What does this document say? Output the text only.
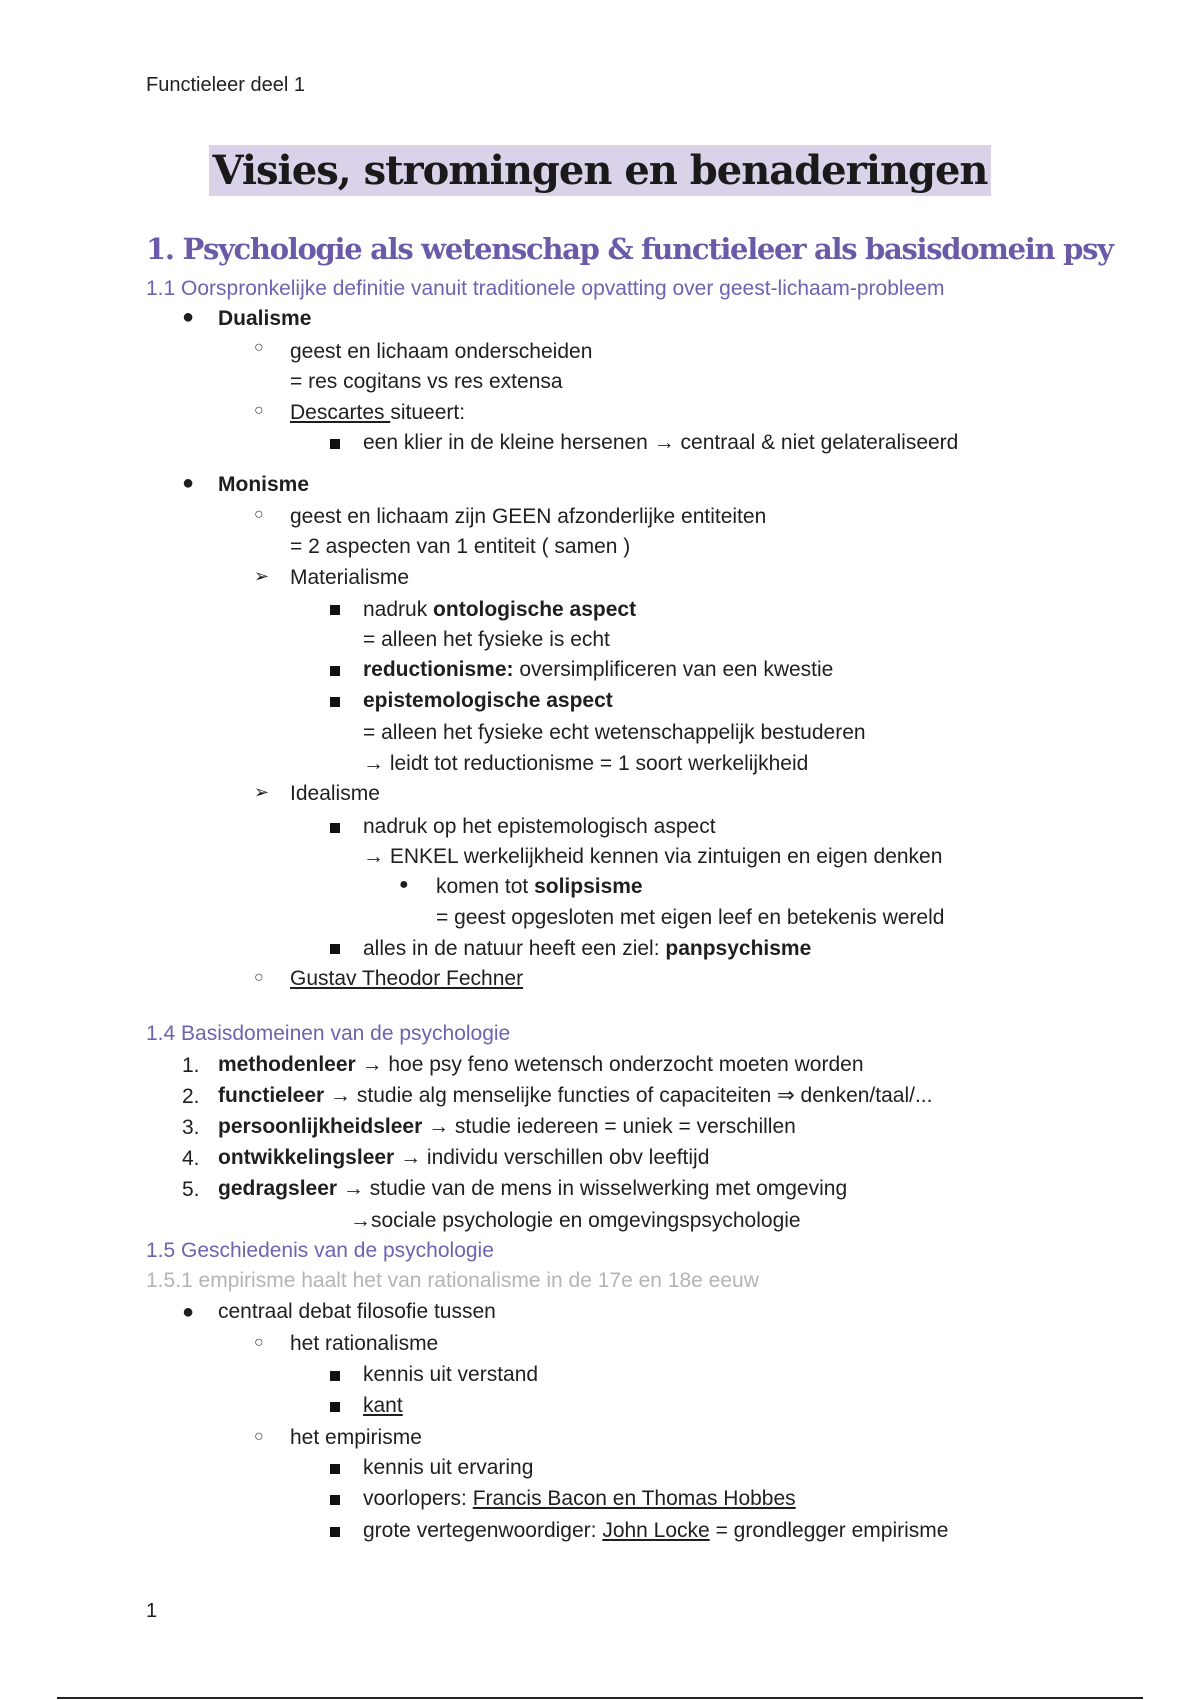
Functieleer deel 1
Visies, stromingen en benaderingen
1. Psychologie als wetenschap & functieleer als basisdomein psy
1.1 Oorspronkelijke definitie vanuit traditionele opvatting over geest-lichaam-probleem
● Dualisme
○ geest en lichaam onderscheiden
= res cogitans vs res extensa
○ Descartes situeert:
een klier in de kleine hersenen → centraal & niet gelateraliseerd
● Monisme
○ geest en lichaam zijn GEEN afzonderlijke entiteiten
= 2 aspecten van 1 entiteit ( samen )
➢ Materialisme
nadruk ontologische aspect
= alleen het fysieke is echt
reductionisme: oversimplificeren van een kwestie
epistemologische aspect
= alleen het fysieke echt wetenschappelijk bestuderen
→ leidt tot reductionisme = 1 soort werkelijkheid
➢ Idealisme
nadruk op het epistemologisch aspect
→ ENKEL werkelijkheid kennen via zintuigen en eigen denken
● komen tot solipsisme
= geest opgesloten met eigen leef en betekenis wereld
alles in de natuur heeft een ziel: panpsychisme
○ Gustav Theodor Fechner
1.4 Basisdomeinen van de psychologie
1. methodenleer → hoe psy feno wetensch onderzocht moeten worden
2. functieleer → studie alg menselijke functies of capaciteiten ⇒ denken/taal/...
3. persoonlijkheidsleer → studie iedereen = uniek = verschillen
4. ontwikkelingsleer → individu verschillen obv leeftijd
5. gedragsleer → studie van de mens in wisselwerking met omgeving
→sociale psychologie en omgevingspsychologie
1.5 Geschiedenis van de psychologie
1.5.1 empirisme haalt het van rationalisme in de 17e en 18e eeuw
● centraal debat filosofie tussen
○ het rationalisme
kennis uit verstand
kant
○ het empirisme
kennis uit ervaring
voorlopers: Francis Bacon en Thomas Hobbes
grote vertegenwoordiger: John Locke = grondlegger empirisme
1
